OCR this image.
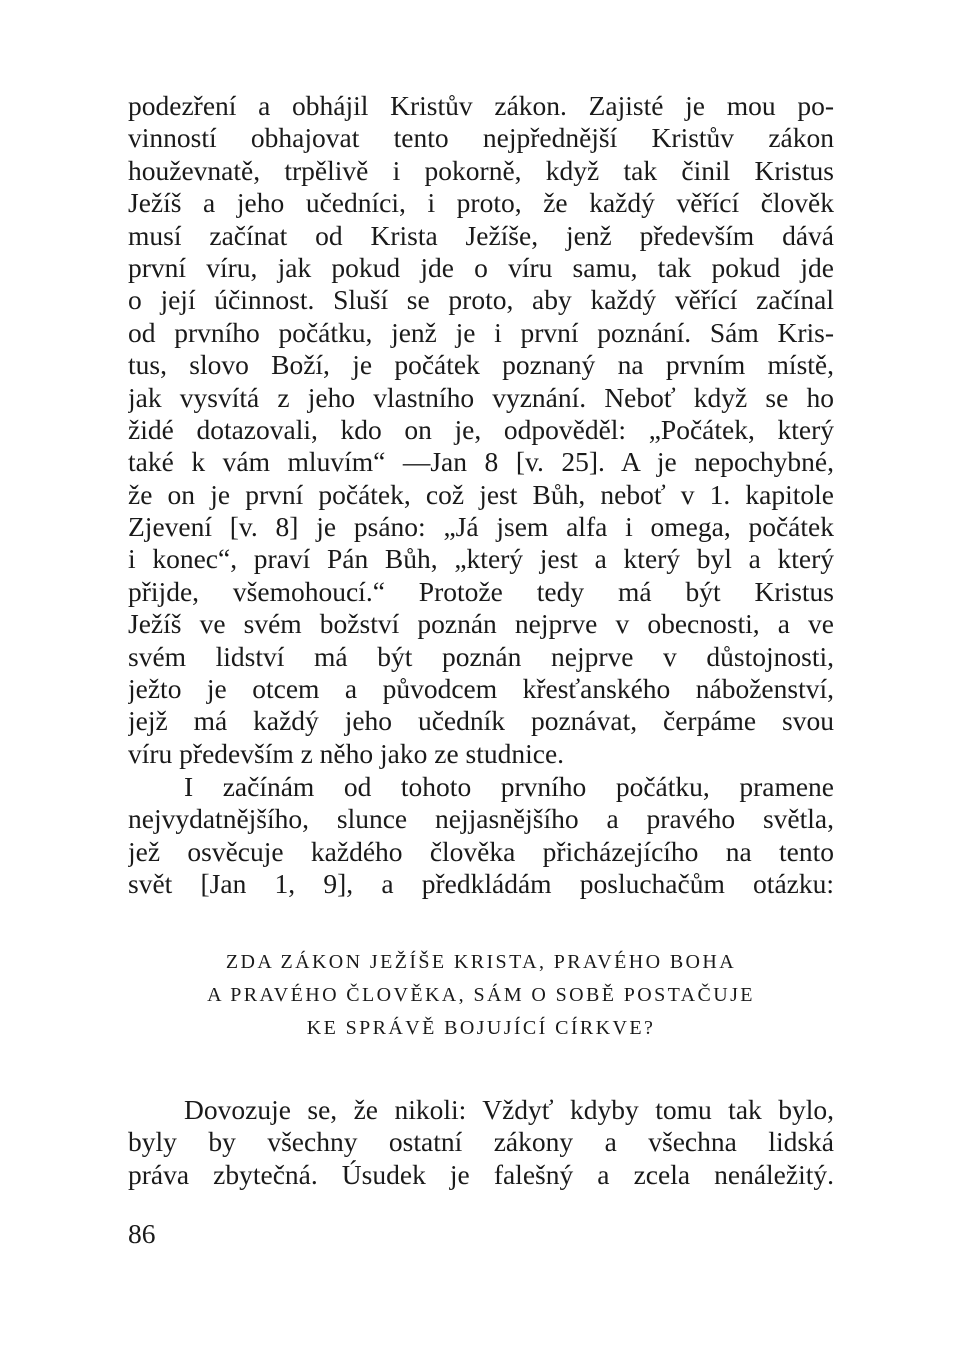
podezření a obhájil Kristův zákon. Zajisté je mou po-
vinností obhajovat tento nejpřednější Kristův zákon
houževnatě, trpělivě i pokorně, když tak činil Kristus
Ježíš a jeho učedníci, i proto, že každý věřící člověk
musí začínat od Krista Ježíše, jenž především dává
první víru, jak pokud jde o víru samu, tak pokud jde
o její účinnost. Sluší se proto, aby každý věřící začínal
od prvního počátku, jenž je i první poznání. Sám Kris-
tus, slovo Boží, je počátek poznaný na prvním místě,
jak vysvítá z jeho vlastního vyznání. Neboť když se ho
židé dotazovali, kdo on je, odpověděl: „Počátek, který
také k vám mluvím“ —Jan 8 [v. 25]. A je nepochybné,
že on je první počátek, což jest Bůh, neboť v 1. kapitole
Zjevení [v. 8] je psáno: „Já jsem alfa i omega, počátek
i konec“, praví Pán Bůh, „který jest a který byl a který
přijde, všemohoucí.“ Protože tedy má být Kristus
Ježíš ve svém božství poznán nejprve v obecnosti, a ve
svém lidství má být poznán nejprve v důstojnosti,
ježto je otcem a původcem křesťanského náboženství,
jejž má každý jeho učedník poznávat, čerpáme svou
víru především z něho jako ze studnice.
I začínám od tohoto prvního počátku, pramene
nejvydatnějšího, slunce nejjasnějšího a pravého světla,
jež osvěcuje každého člověka přicházejícího na tento
svět [Jan 1, 9], a předkládám posluchačům otázku:
ZDA ZÁKON JEŽÍŠE KRISTA, PRAVÉHO BOHA
A PRAVÉHO ČLOVĚKA, SÁM O SOBĚ POSTAČUJE
KE SPRÁVĚ BOJUJÍCÍ CÍRKVE?
Dovozuje se, že nikoli: Vždyť kdyby tomu tak bylo,
byly by všechny ostatní zákony a všechna lidská
práva zbytečná. Úsudek je falešný a zcela nenáležitý.
86
